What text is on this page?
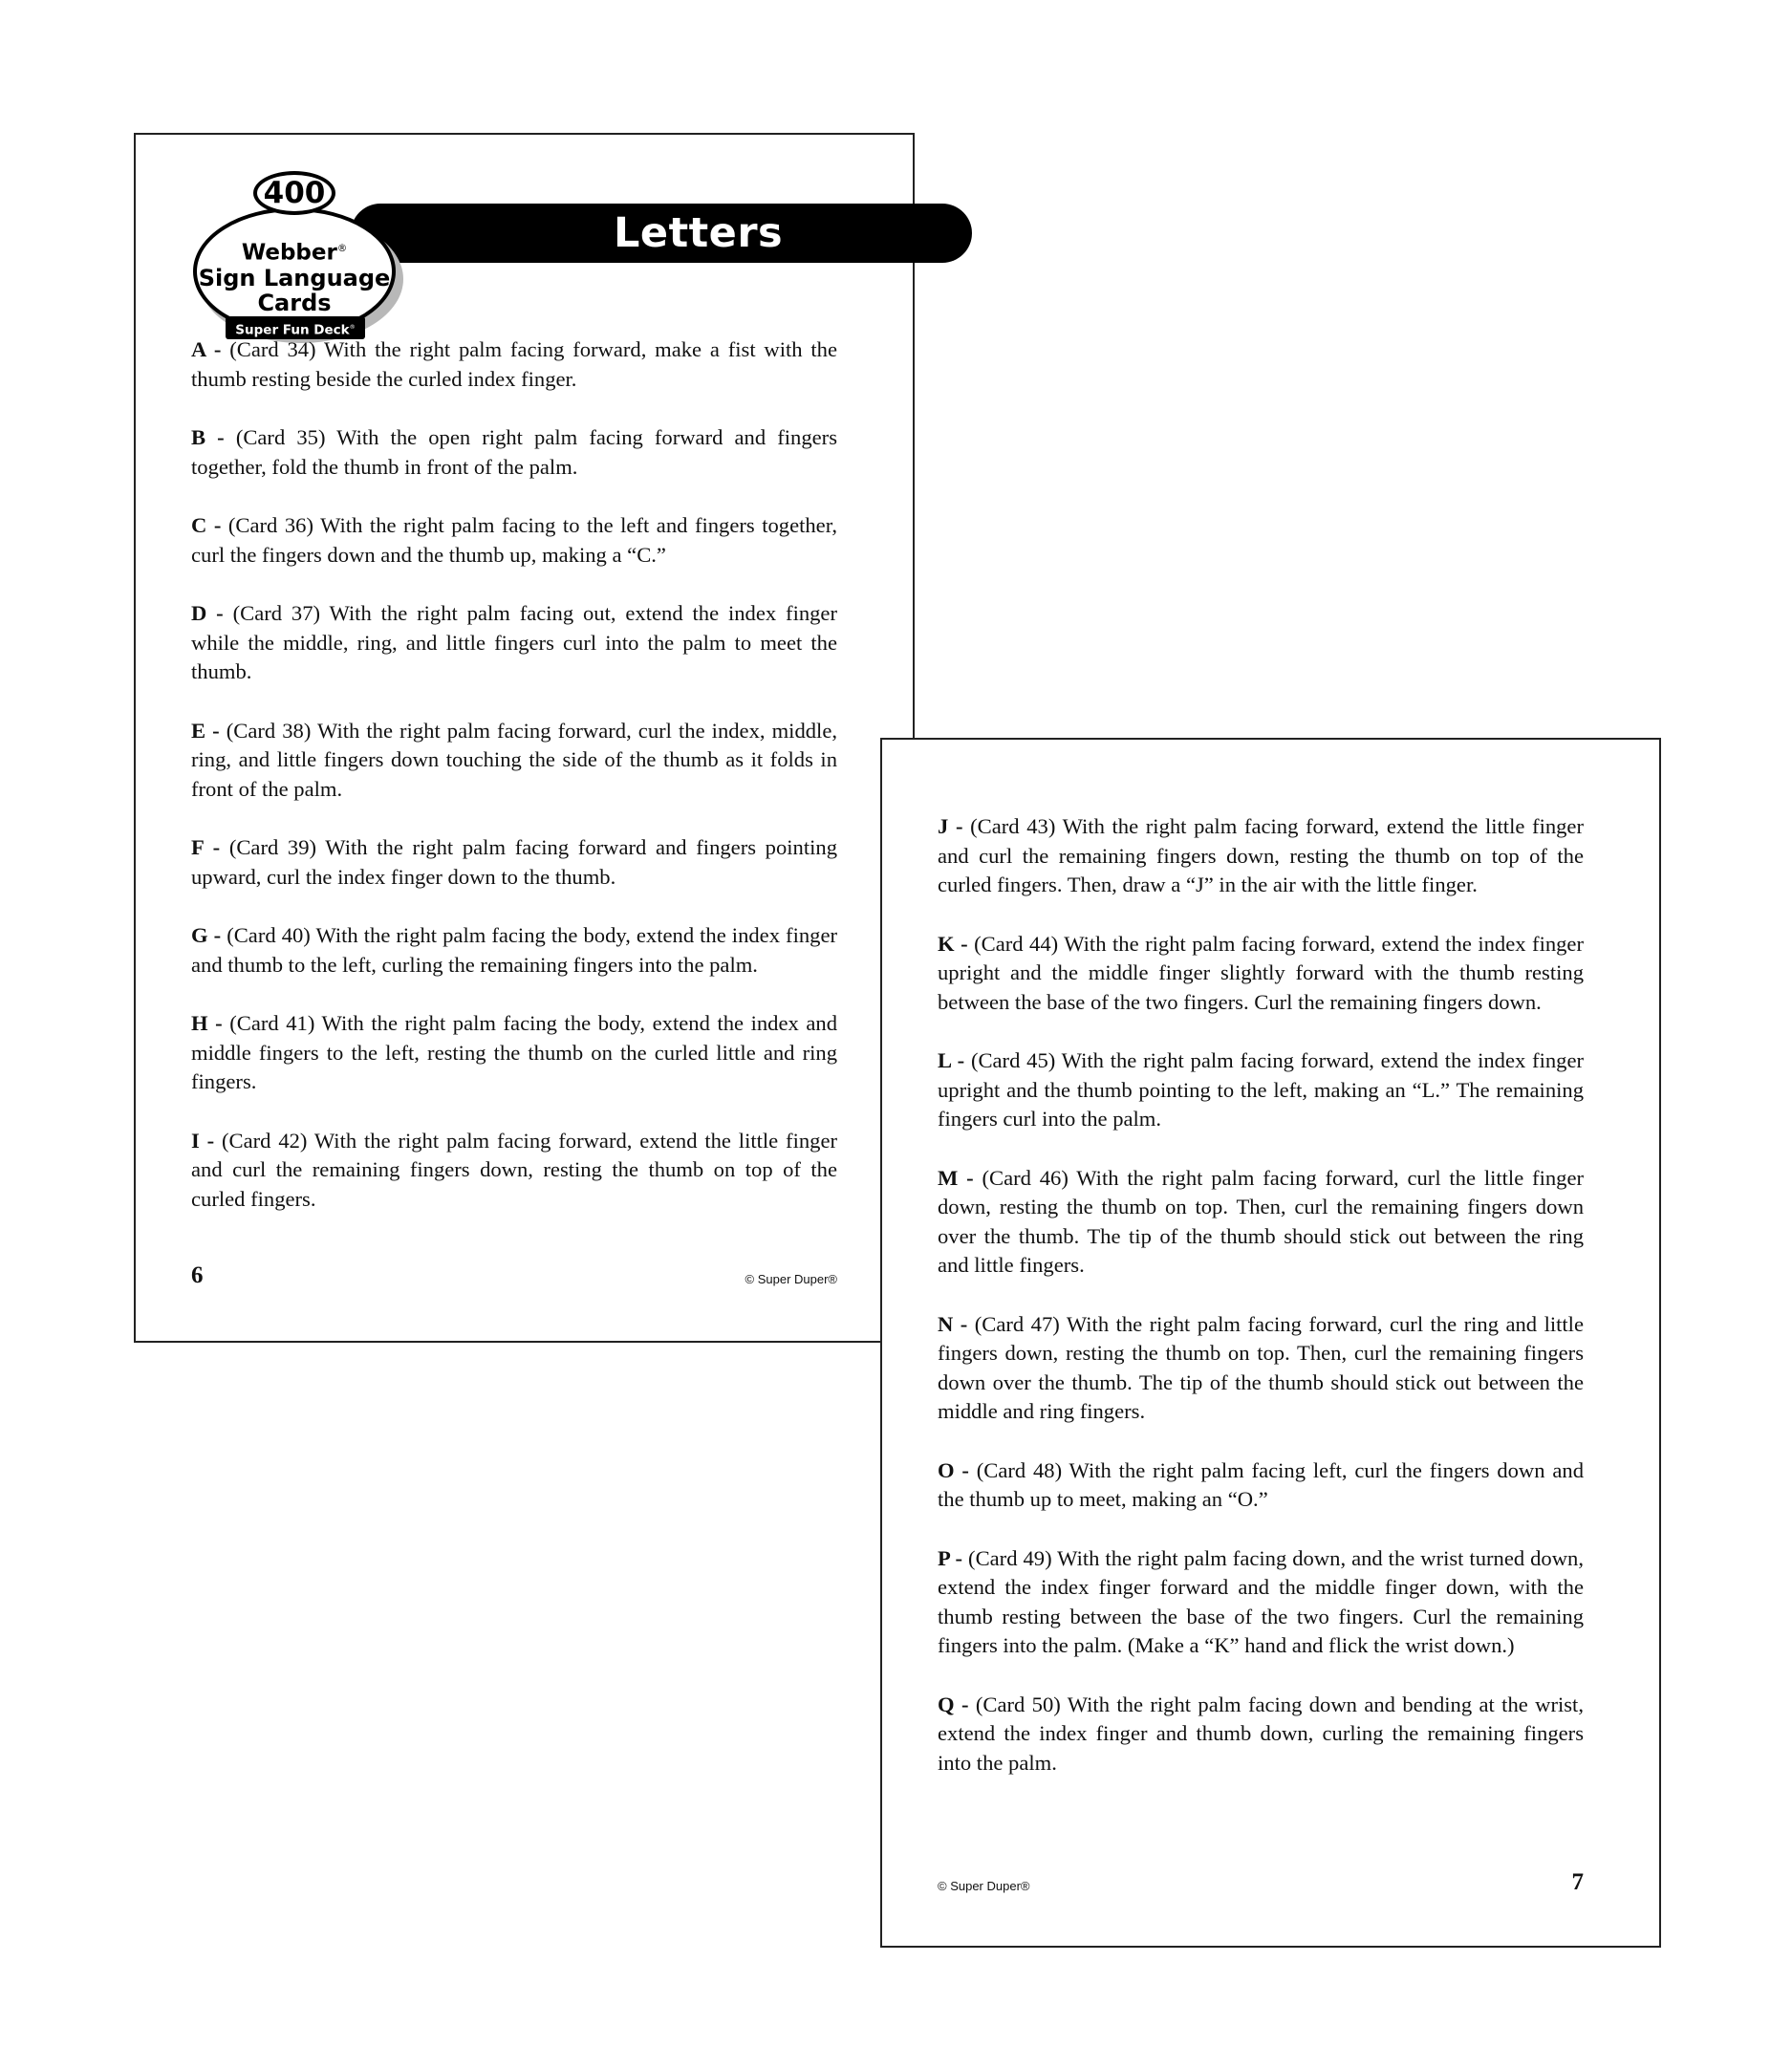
Letters
400
Webber®
Sign Language
Cards
Super Fun Deck®

A - (Card 34) With the right palm facing forward, make a fist with the thumb resting beside the curled index finger.

B - (Card 35) With the open right palm facing forward and fingers together, fold the thumb in front of the palm.

C - (Card 36) With the right palm facing to the left and fingers together, curl the fingers down and the thumb up, making a “C.”

D - (Card 37) With the right palm facing out, extend the index finger while the middle, ring, and little fingers curl into the palm to meet the thumb.

E - (Card 38) With the right palm facing forward, curl the index, middle, ring, and little fingers down touching the side of the thumb as it folds in front of the palm.

F - (Card 39) With the right palm facing forward and fingers pointing upward, curl the index finger down to the thumb.

G - (Card 40) With the right palm facing the body, extend the index finger and thumb to the left, curling the remaining fingers into the palm.

H - (Card 41) With the right palm facing the body, extend the index and middle fingers to the left, resting the thumb on the curled little and ring fingers.

I - (Card 42) With the right palm facing forward, extend the little finger and curl the remaining fingers down, resting the thumb on top of the curled fingers.

6	© Super Duper®

J - (Card 43) With the right palm facing forward, extend the little finger and curl the remaining fingers down, resting the thumb on top of the curled fingers. Then, draw a “J” in the air with the little finger.

K - (Card 44) With the right palm facing forward, extend the index finger upright and the middle finger slightly forward with the thumb resting between the base of the two fingers. Curl the remaining fingers down.

L - (Card 45) With the right palm facing forward, extend the index finger upright and the thumb pointing to the left, making an “L.” The remaining fingers curl into the palm.

M - (Card 46) With the right palm facing forward, curl the little finger down, resting the thumb on top. Then, curl the remaining fingers down over the thumb. The tip of the thumb should stick out between the ring and little fingers.

N - (Card 47) With the right palm facing forward, curl the ring and little fingers down, resting the thumb on top. Then, curl the remaining fingers down over the thumb. The tip of the thumb should stick out between the middle and ring fingers.

O - (Card 48) With the right palm facing left, curl the fingers down and the thumb up to meet, making an “O.”

P - (Card 49) With the right palm facing down, and the wrist turned down, extend the index finger forward and the middle finger down, with the thumb resting between the base of the two fingers. Curl the remaining fingers into the palm. (Make a “K” hand and flick the wrist down.)

Q - (Card 50) With the right palm facing down and bending at the wrist, extend the index finger and thumb down, curling the remaining fingers into the palm.

© Super Duper®	7
